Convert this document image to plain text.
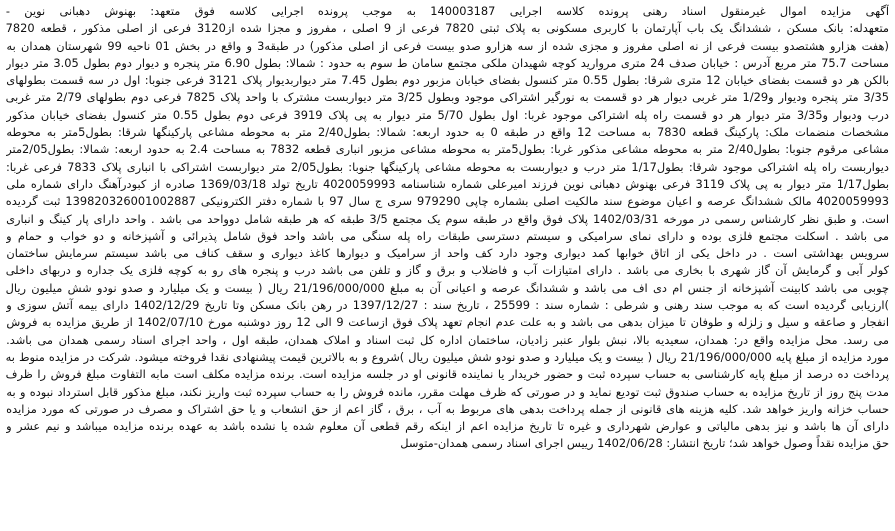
آگهی مزایده اموال غیرمنقول اسناد رهنی پرونده کلاسه اجرایی 140003187 به موجب پرونده اجرایی کلاسه فوق متعهد: بهنوش دهبانی نوین -
متعهدله: بانک مسکن ، ششدانگ یک باب آپارتمان با کاربری مسکونی به پلاک ثبتی 7820 فرعی از 9 اصلی ، مفروز و مجزا شده از3120 فرعی از اصلی مذکور ، قطعه 7820
(هفت هزارو هشتصدو بیست فرعی از نه اصلی مفروز و مجزی شده از سه هزارو صدو بیست فرعی از اصلی مذکور) در طبقه3 و واقع در بخش 01 ناحیه 99 شهرستان همدان به
مساحت 75.7 متر مربع آدرس : خیابان صدف 24 متری مروارید کوچه شهیدان ملکی مجتمع سامان ط سوم به حدود : شمالا: بطول 6.90 متر پنجره و دیوار دوم بطول 3.05 متر دیوار
بالکن هر دو قسمت بفضای خیابان 12 متری شرقا: بطول 0.55 متر کنسول بفضای خیابان مزبور دوم بطول 7.45 متر دیواربدیوار پلاک 3121 فرعی جنوبا: اول در سه قسمت بطولهای
3/35 متر پنجره ودیوار و1/29 متر غربی دیوار هر دو قسمت به نورگیر اشتراکی موجود وبطول 3/25 متر دیواربست مشترک با واحد پلاک 7825 فرعی دوم بطولهای 2/79 متر غربی
درب ودیوار و3/35 متر دیوار هر دو قسمت راه پله اشتراکی موجود غربا: اول بطول 5/70 متر دیوار به پی پلاک 3919 فرعی دوم بطول 0.55 متر کنسول بفضای خیابان مذکور
مشخصات منضمات ملک: پارکینگ قطعه 7830 به مساحت 12 واقع در طبقه 0 به حدود اربعه: شمالا: بطول2/40 متر به محوطه مشاعی پارکینگها شرقا: بطول5متر به محوطه
مشاعی مرقوم جنوبا: بطول2/40 متر به محوطه مشاعی مذکور غربا: بطول5متر به محوطه مشاعی مزبور انباری قطعه 7832 به مساحت 2.4 به حدود اربعه: شمالا: بطول2/05متر
دیواربست راه پله اشتراکی موجود شرقا: بطول1/17 متر درب و دیواربست به محوطه مشاعی پارکینگها جنوبا: بطول2/05 متر دیواربست اشتراکی با انباری پلاک 7833 فرعی غربا:
بطول1/17 متر دیوار به پی پلاک 3119 فرعی بهنوش دهبانی نوین فرزند امیرعلی شماره شناسنامه 4020059993 تاریخ تولد 1369/03/18 صادره از کبودرآهنگ دارای شماره ملی
4020059993 مالک ششدانگ عرصه و اعیان موضوع سند مالکیت اصلی بشماره چاپی 979290 سری ج سال 97 با شماره دفتر الکترونیکی 139820326001002887 ثبت گردیده
است. و طبق نظر کارشناس رسمی در مورخه 1402/03/31 پلاک فوق واقع در طبقه سوم یک مجتمع 3/5 طبقه که هر طبقه شامل دوواحد می باشد . واحد دارای پار کینگ و انباری
می باشد . اسکلت مجتمع فلزی بوده و دارای نمای سرامیکی و سیستم دسترسی طبقات راه پله سنگی می باشد واحد فوق شامل پذیرائی و آشپزخانه و دو خواب و حمام و
سرویس بهداشتی است . در داخل یکی از اتاق خوابها کمد دیواری وجود دارد کف واحد از سرامیک و دیوارها کاغذ دیواری و سقف کناف می باشد سیستم سرمایش ساختمان
کولر آبی و گرمایش آن گاز شهری با بخاری می باشد . دارای امتیازات آب و فاضلاب و برق و گاز و تلفن می باشد درب و پنجره های رو به کوچه فلزی یک جداره و دربهای داخلی
چوبی می باشد کابینت آشپزخانه از جنس ام دی اف می باشد و ششدانگ عرصه و اعیانی آن به مبلغ 21/196/000/000 ریال ( بیست و یک میلیارد و صدو نودو شش میلیون ریال
)ارزیابی گردیده است که به موجب سند رهنی و شرطی : شماره سند : 25599 ، تاریخ سند : 1397/12/27 در رهن بانک مسکن وتا تاریخ 1402/12/29 دارای بیمه آتش سوزی و
انفجار و صاعقه و سیل و زلزله و طوفان تا میزان بدهی می باشد و به علت عدم انجام تعهد پلاک فوق ازساعت 9 الی 12 روز دوشنبه مورخ 1402/07/10 از طریق مزایده به فروش
می رسد. محل مزایده واقع در: همدان، سعیدیه بالا، نبش بلوار عنبر زادیان، ساختمان اداره کل ثبت اسناد و املاک همدان، طبقه اول ، واحد اجرای اسناد رسمی همدان می باشد.
مورد مزایده از مبلغ پایه 21/196/000/000 ریال ( بیست و یک میلیارد و صدو نودو شش میلیون ریال )شروع و به بالاترین قیمت پیشنهادی نقدا فروخته میشود. شرکت در مزایده منوط به
پرداخت ده درصد از مبلغ پایه کارشناسی به حساب سپرده ثبت و حضور خریدار یا نماینده قانونی او در جلسه مزایده است. برنده مزایده مکلف است مابه التفاوت مبلغ فروش را ظرف
مدت پنج روز از تاریخ مزایده به حساب صندوق ثبت تودیع نماید و در صورتی که ظرف مهلت مقرر، مانده فروش را به حساب سپرده ثبت واریز نکند، مبلغ مذکور قابل استرداد نبوده و به
حساب خزانه واریز خواهد شد. کلیه هزینه های قانونی از جمله پرداخت بدهی های مربوط به آب ، برق ، گاز اعم از حق انشعاب و یا حق اشتراک و مصرف در صورتی که مورد مزایده
دارای آن ها باشد و نیز بدهی مالیاتی و عوارض شهرداری و غیره تا تاریخ مزایده اعم از اینکه رقم قطعی آن معلوم شده یا نشده باشد به عهده برنده مزایده میباشد و نیم عشر و
حق مزایده نقداً وصول خواهد شد؛ تاریخ انتشار: 1402/06/28 رییس اجرای اسناد رسمی همدان-متوسل
